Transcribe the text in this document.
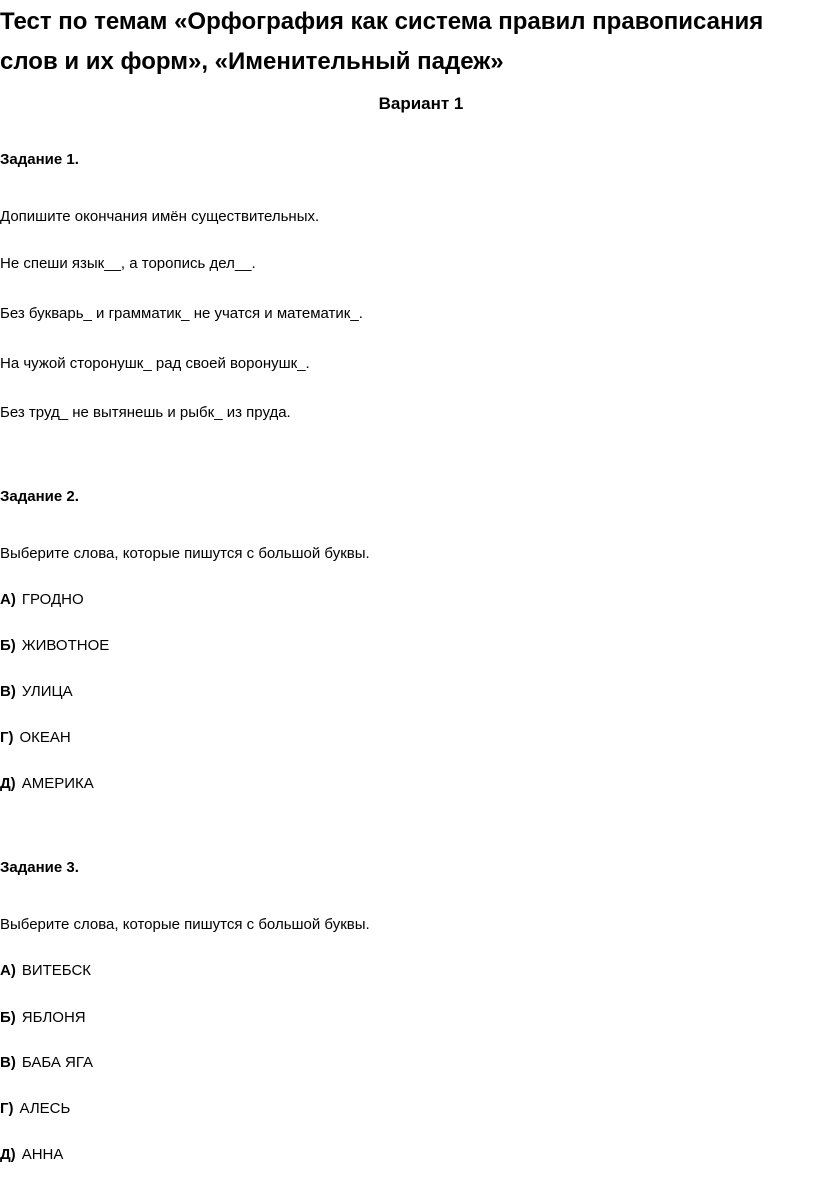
Тест по темам «Орфография как система правил правописания слов и их форм», «Именительный падеж»
Вариант 1
Задание 1.

Допишите окончания имён существительных.

Не спеши язык__, а торопись дел__.

Без букварь_ и грамматик_ не учатся и математик_.

На чужой сторонушк_ рад своей воронушк_.

Без труд_ не вытянешь и рыбк_ из пруда.

Задание 2.

Выберите слова, которые пишутся с большой буквы.

А) ГРОДНО

Б) ЖИВОТНОЕ

В) УЛИЦА

Г) ОКЕАН

Д) АМЕРИКА

Задание 3.

Выберите слова, которые пишутся с большой буквы.

А) ВИТЕБСК

Б) ЯБЛОНЯ

В) БАБА ЯГА

Г) АЛЕСЬ

Д) АННА
